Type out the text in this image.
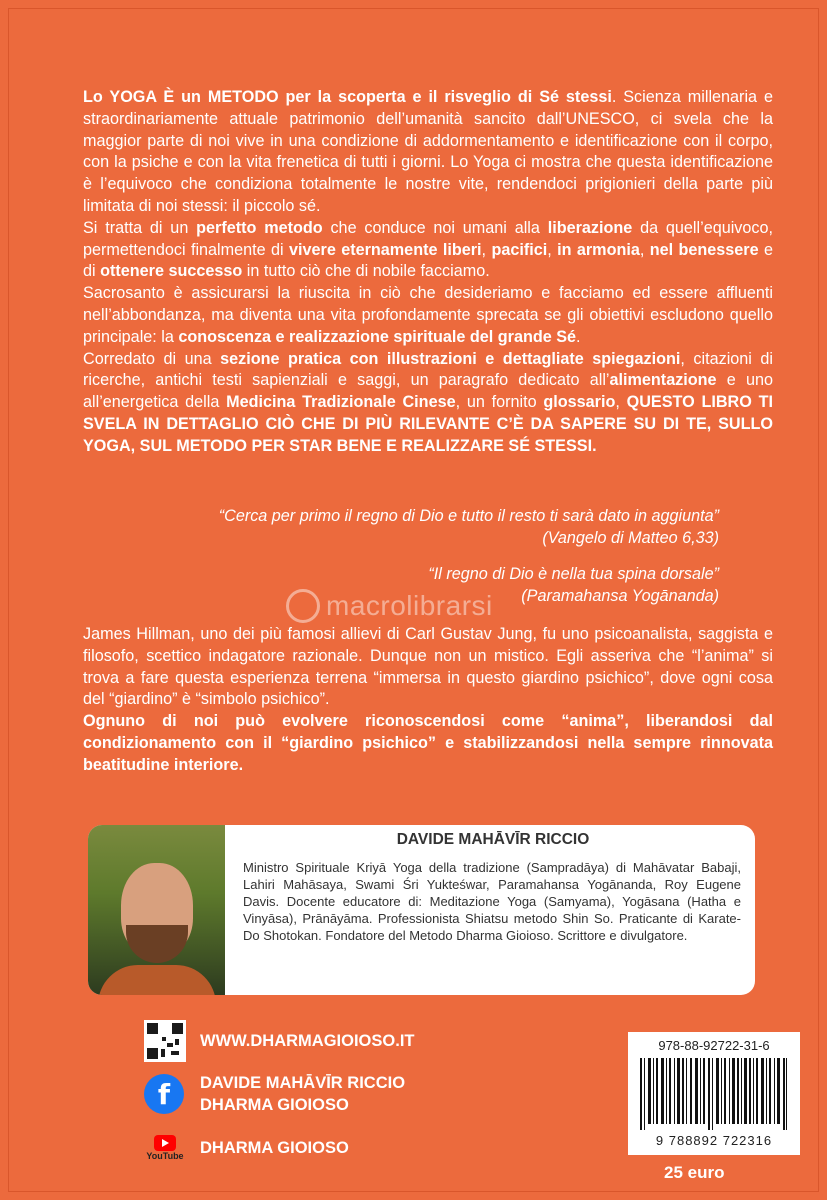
Lo YOGA È un METODO per la scoperta e il risveglio di Sé stessi. Scienza millenaria e straordinariamente attuale patrimonio dell’umanità sancito dall’UNESCO, ci svela che la maggior parte di noi vive in una condizione di addormentamento e identificazione con il corpo, con la psiche e con la vita frenetica di tutti i giorni. Lo Yoga ci mostra che questa identificazione è l’equivoco che condiziona totalmente le nostre vite, rendendoci prigionieri della parte più limitata di noi stessi: il piccolo sé.

Si tratta di un perfetto metodo che conduce noi umani alla liberazione da quell’equivoco, permettendoci finalmente di vivere eternamente liberi, pacifici, in armonia, nel benessere e di ottenere successo in tutto ciò che di nobile facciamo.

Sacrosanto è assicurarsi la riuscita in ciò che desideriamo e facciamo ed essere affluenti nell’abbondanza, ma diventa una vita profondamente sprecata se gli obiettivi escludono quello principale: la conoscenza e realizzazione spirituale del grande Sé.

Corredato di una sezione pratica con illustrazioni e dettagliate spiegazioni, citazioni di ricerche, antichi testi sapienziali e saggi, un paragrafo dedicato all’alimentazione e uno all’energetica della Medicina Tradizionale Cinese, un fornito glossario, QUESTO LIBRO TI SVELA IN DETTAGLIO CIÒ CHE DI PIÙ RILEVANTE C’È DA SAPERE SU DI TE, SULLO YOGA, SUL METODO PER STAR BENE E REALIZZARE SÉ STESSI.

“Cerca per primo il regno di Dio e tutto il resto ti sarà dato in aggiunta”
(Vangelo di Matteo 6,33)
“Il regno di Dio è nella tua spina dorsale”
(Paramahansa Yogānanda)
macrolibrarsi

James Hillman, uno dei più famosi allievi di Carl Gustav Jung, fu uno psicoanalista, saggista e filosofo, scettico indagatore razionale. Dunque non un mistico. Egli asseriva che “l’anima” si trova a fare questa esperienza terrena “immersa in questo giardino psichico”, dove ogni cosa del “giardino” è “simbolo psichico”.

Ognuno di noi può evolvere riconoscendosi come “anima”, liberandosi dal condizionamento con il “giardino psichico” e stabilizzandosi nella sempre rinnovata beatitudine interiore.

DAVIDE MAHĀVĪR RICCIO
Ministro Spirituale Kriyā Yoga della tradizione (Sampradāya) di Mahāvatar Babaji, Lahiri Mahāsaya, Swami Śri Yukteśwar, Paramahansa Yogānanda, Roy Eugene Davis. Docente educatore di: Meditazione Yoga (Samyama), Yogāsana (Hatha e Vinyāsa), Prānāyāma. Professionista Shiatsu metodo Shin So. Praticante di Karate-Do Shotokan. Fondatore del Metodo Dharma Gioioso. Scrittore e divulgatore.
WWW.DHARMAGIOIOSO.IT
f DAVIDE MAHĀVĪR RICCIO
DHARMA GIOIOSO
YouTube DHARMA GIOIOSO
978-88-92722-31-6
9 788892 722316
25 euro
